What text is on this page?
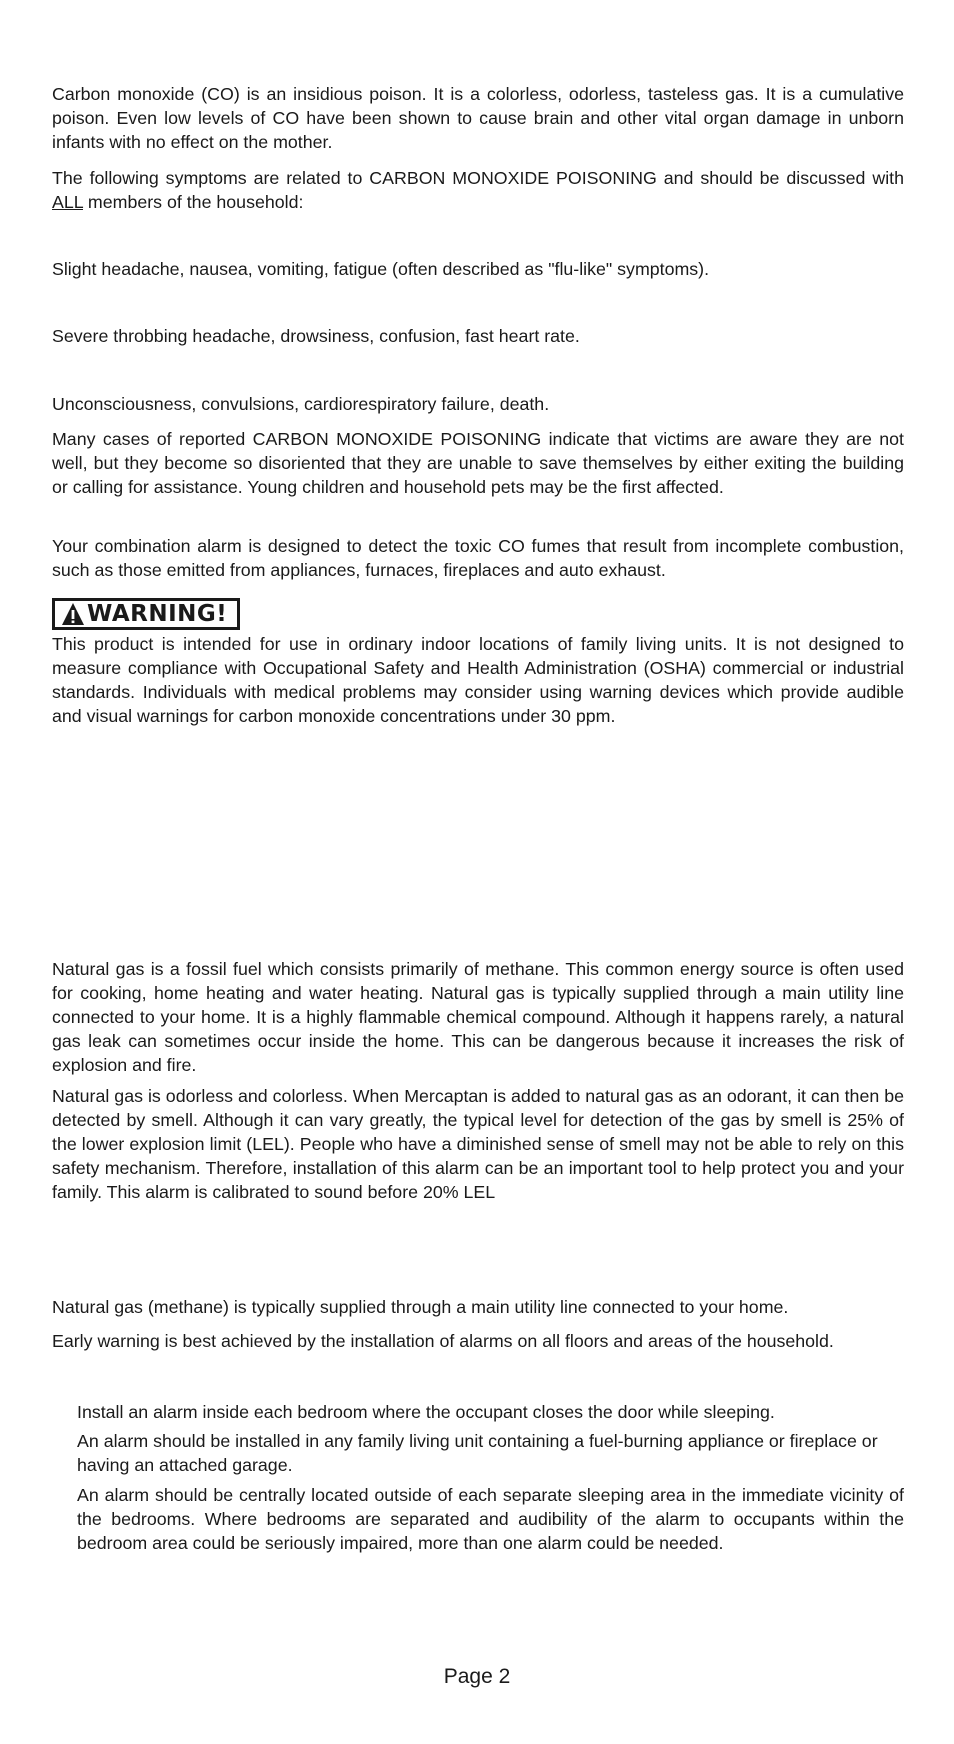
Carbon monoxide (CO) is an insidious poison. It is a colorless, odorless, tasteless gas. It is a cumulative poison. Even low levels of CO have been shown to cause brain and other vital organ damage in unborn infants with no effect on the mother.

The following symptoms are related to CARBON MONOXIDE POISONING and should be discussed with ALL members of the household:

Slight headache, nausea, vomiting, fatigue (often described as "flu-like" symptoms).

Severe throbbing headache, drowsiness, confusion, fast heart rate.

Unconsciousness, convulsions, cardiorespiratory failure, death.

Many cases of reported CARBON MONOXIDE POISONING indicate that victims are aware they are not well, but they become so disoriented that they are unable to save themselves by either exiting the building or calling for assistance. Young children and household pets may be the first affected.

Your combination alarm is designed to detect the toxic CO fumes that result from incomplete combustion, such as those emitted from appliances, furnaces, fireplaces and auto exhaust.

WARNING!

This product is intended for use in ordinary indoor locations of family living units. It is not designed to measure compliance with Occupational Safety and Health Administration (OSHA) commercial or industrial standards. Individuals with medical problems may consider using warning devices which provide audible and visual warnings for carbon monoxide concentrations under 30 ppm.

Natural gas is a fossil fuel which consists primarily of methane. This common energy source is often used for cooking, home heating and water heating. Natural gas is typically supplied through a main utility line connected to your home. It is a highly flammable chemical compound. Although it happens rarely, a natural gas leak can sometimes occur inside the home. This can be dangerous because it increases the risk of explosion and fire.

Natural gas is odorless and colorless. When Mercaptan is added to natural gas as an odorant, it can then be detected by smell. Although it can vary greatly, the typical level for detection of the gas by smell is 25% of the lower explosion limit (LEL). People who have a diminished sense of smell may not be able to rely on this safety mechanism. Therefore, installation of this alarm can be an important tool to help protect you and your family. This alarm is calibrated to sound before 20% LEL

Natural gas (methane) is typically supplied through a main utility line connected to your home.

Early warning is best achieved by the installation of alarms on all floors and areas of the household.

Install an alarm inside each bedroom where the occupant closes the door while sleeping.

An alarm should be installed in any family living unit containing a fuel-burning appliance or fireplace or having an attached garage.

An alarm should be centrally located outside of each separate sleeping area in the immediate vicinity of the bedrooms. Where bedrooms are separated and audibility of the alarm to occupants within the bedroom area could be seriously impaired, more than one alarm could be needed.

Page 2
